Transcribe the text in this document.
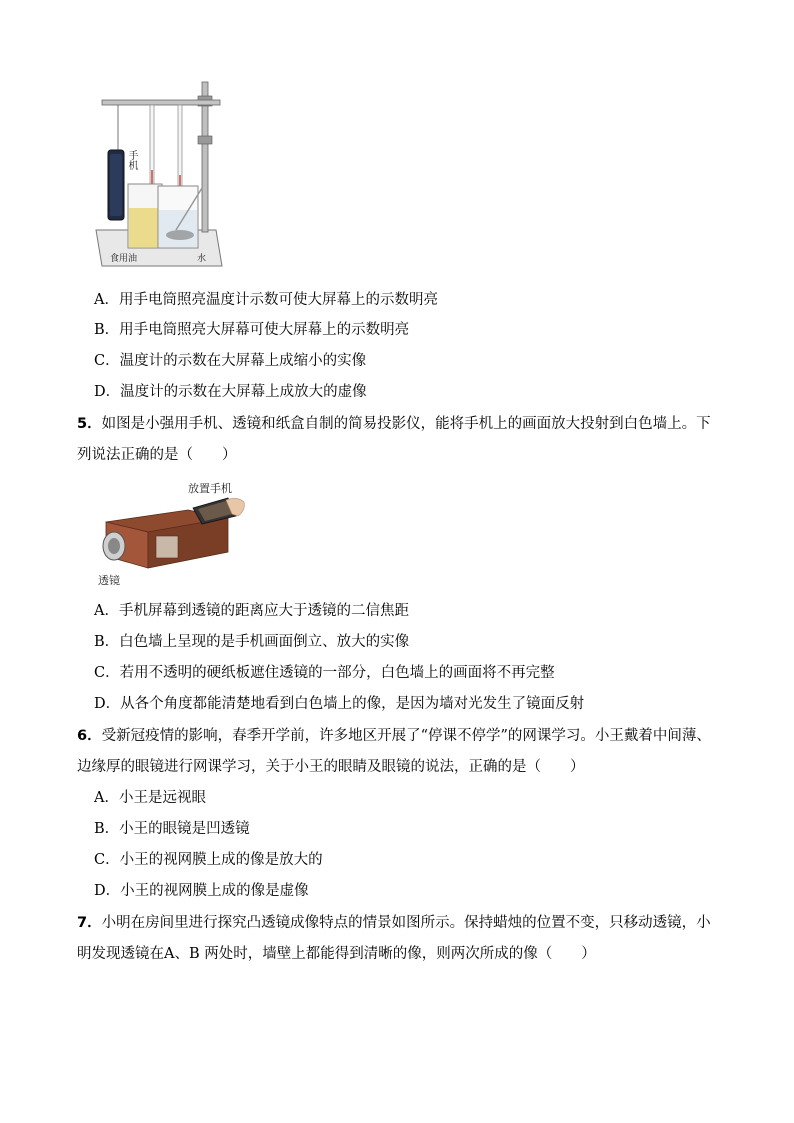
手机
食用油	水
A．用手电筒照亮温度计示数可使大屏幕上的示数明亮
B．用手电筒照亮大屏幕可使大屏幕上的示数明亮
C．温度计的示数在大屏幕上成缩小的实像
D．温度计的示数在大屏幕上成放大的虚像
5．如图是小强用手机、透镜和纸盒自制的简易投影仪，能将手机上的画面放大投射到白色墙上。下
列说法正确的是（　　）
放置手机
透镜
A．手机屏幕到透镜的距离应大于透镜的二信焦距
B．白色墙上呈现的是手机画面倒立、放大的实像
C．若用不透明的硬纸板遮住透镜的一部分，白色墙上的画面将不再完整
D．从各个角度都能清楚地看到白色墙上的像，是因为墙对光发生了镜面反射
6．受新冠疫情的影响，春季开学前，许多地区开展了“停课不停学”的网课学习。小王戴着中间薄、
边缘厚的眼镜进行网课学习，关于小王的眼睛及眼镜的说法，正确的是（　　）
A．小王是远视眼
B．小王的眼镜是凹透镜
C．小王的视网膜上成的像是放大的
D．小王的视网膜上成的像是虚像
7．小明在房间里进行探究凸透镜成像特点的情景如图所示。保持蜡烛的位置不变，只移动透镜，小
明发现透镜在A、B 两处时，墙壁上都能得到清晰的像，则两次所成的像（　　）
